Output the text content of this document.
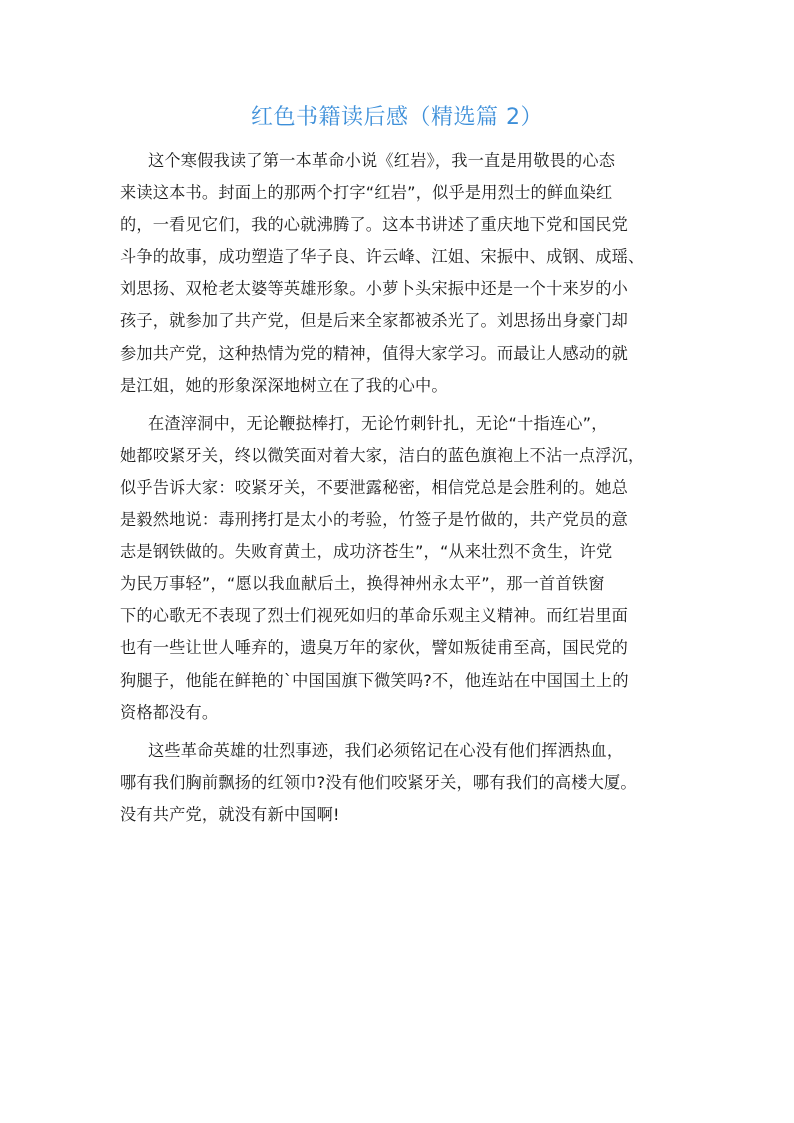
红色书籍读后感（精选篇 2）
这个寒假我读了第一本革命小说《红岩》，我一直是用敬畏的心态
来读这本书。封面上的那两个打字“红岩”，似乎是用烈士的鲜血染红
的，一看见它们，我的心就沸腾了。这本书讲述了重庆地下党和国民党
斗争的故事，成功塑造了华子良、许云峰、江姐、宋振中、成钢、成瑶、
刘思扬、双枪老太婆等英雄形象。小萝卜头宋振中还是一个十来岁的小
孩子，就参加了共产党，但是后来全家都被杀光了。刘思扬出身豪门却
参加共产党，这种热情为党的精神，值得大家学习。而最让人感动的就
是江姐，她的形象深深地树立在了我的心中。
在渣滓洞中，无论鞭挞棒打，无论竹刺针扎，无论“十指连心”，
她都咬紧牙关，终以微笑面对着大家，洁白的蓝色旗袍上不沾一点浮沉，
似乎告诉大家：咬紧牙关，不要泄露秘密，相信党总是会胜利的。她总
是毅然地说：毒刑拷打是太小的考验，竹签子是竹做的，共产党员的意
志是钢铁做的。失败育黄土，成功济苍生”，“从来壮烈不贪生，许党
为民万事轻”，“愿以我血献后土，换得神州永太平”，那一首首铁窗
下的心歌无不表现了烈士们视死如归的革命乐观主义精神。而红岩里面
也有一些让世人唾弃的，遗臭万年的家伙，譬如叛徒甫至高，国民党的
狗腿子，他能在鲜艳的`中国国旗下微笑吗?不，他连站在中国国土上的
资格都没有。
这些革命英雄的壮烈事迹，我们必须铭记在心没有他们挥洒热血，
哪有我们胸前飘扬的红领巾?没有他们咬紧牙关，哪有我们的高楼大厦。
没有共产党，就没有新中国啊!
